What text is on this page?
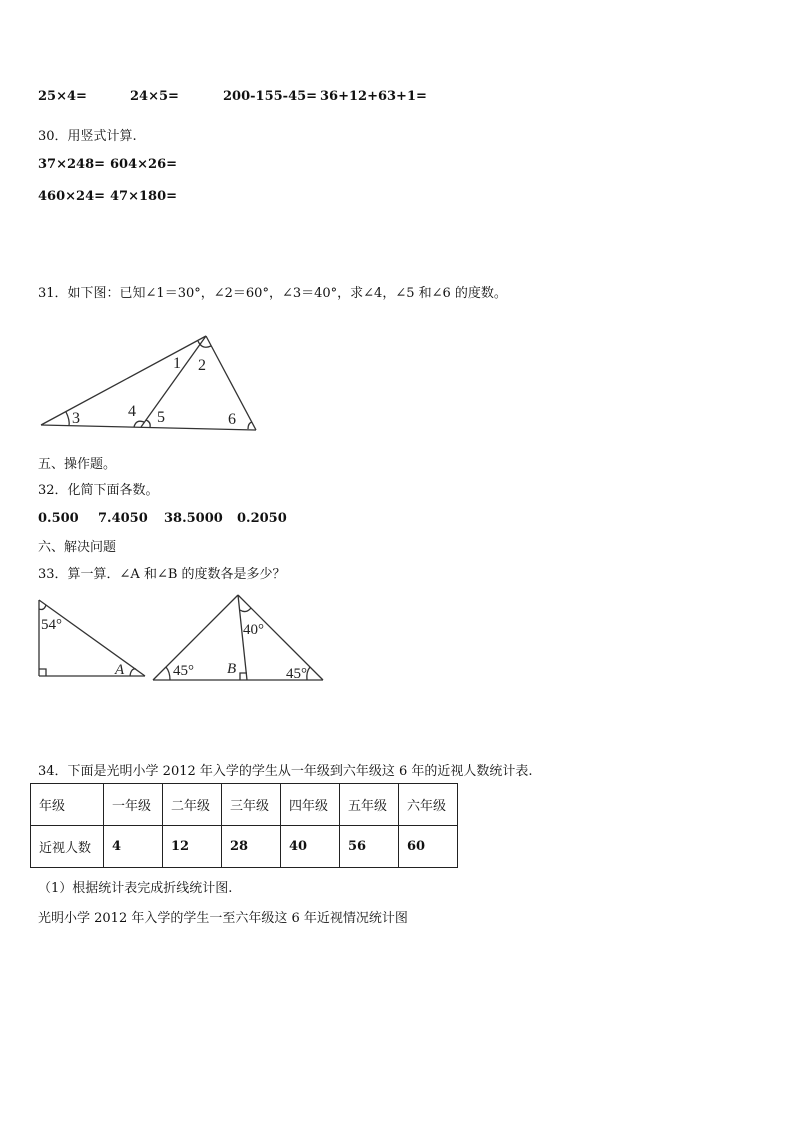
25×4=	24×5=	200-155-45= 36+12+63+1=
30．用竖式计算.
37×248= 604×26=
460×24= 47×180=
31．如下图：已知∠1＝30°，∠2＝60°，∠3＝40°，求∠4，∠5 和∠6 的度数。
1 2
3	4 5	6
五、操作题。
32．化简下面各数。
0.500 7.4050 38.5000 0.2050
六、解决问题
33．算一算．∠A 和∠B 的度数各是多少？
54°
A
40°
45° B	45°
34．下面是光明小学 2012 年入学的学生从一年级到六年级这 6 年的近视人数统计表.
年级	一年级	二年级	三年级	四年级	五年级	六年级
近视人数	4	12	28	40	56	60
（1）根据统计表完成折线统计图.
光明小学 2012 年入学的学生一至六年级这 6 年近视情况统计图
